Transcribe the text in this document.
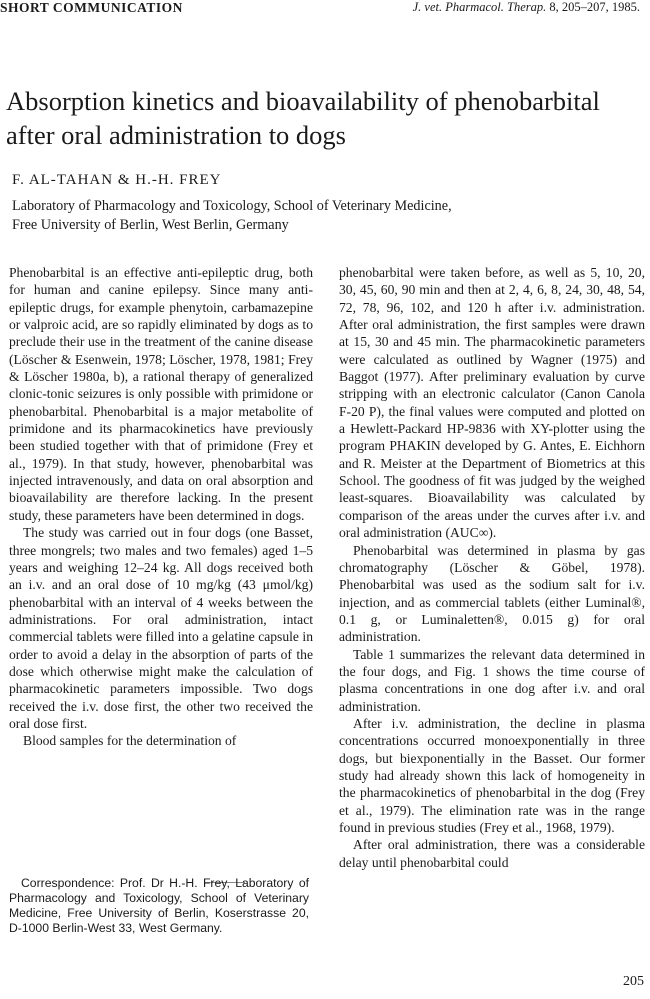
SHORT COMMUNICATION	J. vet. Pharmacol. Therap. 8, 205–207, 1985.
Absorption kinetics and bioavailability of phenobarbital after oral administration to dogs
F. AL-TAHAN & H.-H. FREY
Laboratory of Pharmacology and Toxicology, School of Veterinary Medicine,
Free University of Berlin, West Berlin, Germany

Phenobarbital is an effective anti-epileptic drug, both for human and canine epilepsy. Since many anti-epileptic drugs, for example phenytoin, carbamazepine or valproic acid, are so rapidly eliminated by dogs as to preclude their use in the treatment of the canine disease (Löscher & Esenwein, 1978; Löscher, 1978, 1981; Frey & Löscher 1980a, b), a rational therapy of generalized clonic-tonic seizures is only possible with primidone or phenobarbital. Phenobarbital is a major metabolite of primidone and its pharmacokinetics have previously been studied together with that of primidone (Frey et al., 1979). In that study, however, phenobarbital was injected intravenously, and data on oral absorption and bioavailability are therefore lacking. In the present study, these parameters have been determined in dogs.

The study was carried out in four dogs (one Basset, three mongrels; two males and two females) aged 1–5 years and weighing 12–24 kg. All dogs received both an i.v. and an oral dose of 10 mg/kg (43 μmol/kg) phenobarbital with an interval of 4 weeks between the administrations. For oral administration, intact commercial tablets were filled into a gelatine capsule in order to avoid a delay in the absorption of parts of the dose which otherwise might make the calculation of pharmacokinetic parameters impossible. Two dogs received the i.v. dose first, the other two received the oral dose first.

Blood samples for the determination of

Correspondence: Prof. Dr H.-H. Frey, Laboratory of Pharmacology and Toxicology, School of Veterinary Medicine, Free University of Berlin, Koserstrasse 20, D-1000 Berlin-West 33, West Germany.

phenobarbital were taken before, as well as 5, 10, 20, 30, 45, 60, 90 min and then at 2, 4, 6, 8, 24, 30, 48, 54, 72, 78, 96, 102, and 120 h after i.v. administration. After oral administration, the first samples were drawn at 15, 30 and 45 min. The pharmacokinetic parameters were calculated as outlined by Wagner (1975) and Baggot (1977). After preliminary evaluation by curve stripping with an electronic calculator (Canon Canola F-20 P), the final values were computed and plotted on a Hewlett-Packard HP-9836 with XY-plotter using the program PHAKIN developed by G. Antes, E. Eichhorn and R. Meister at the Department of Biometrics at this School. The goodness of fit was judged by the weighed least-squares. Bioavailability was calculated by comparison of the areas under the curves after i.v. and oral administration (AUC∞).

Phenobarbital was determined in plasma by gas chromatography (Löscher & Göbel, 1978). Phenobarbital was used as the sodium salt for i.v. injection, and as commercial tablets (either Luminal®, 0.1 g, or Luminaletten®, 0.015 g) for oral administration.

Table 1 summarizes the relevant data determined in the four dogs, and Fig. 1 shows the time course of plasma concentrations in one dog after i.v. and oral administration.

After i.v. administration, the decline in plasma concentrations occurred monoexponentially in three dogs, but biexponentially in the Basset. Our former study had already shown this lack of homogeneity in the pharmacokinetics of phenobarbital in the dog (Frey et al., 1979). The elimination rate was in the range found in previous studies (Frey et al., 1968, 1979).

After oral administration, there was a considerable delay until phenobarbital could

205
